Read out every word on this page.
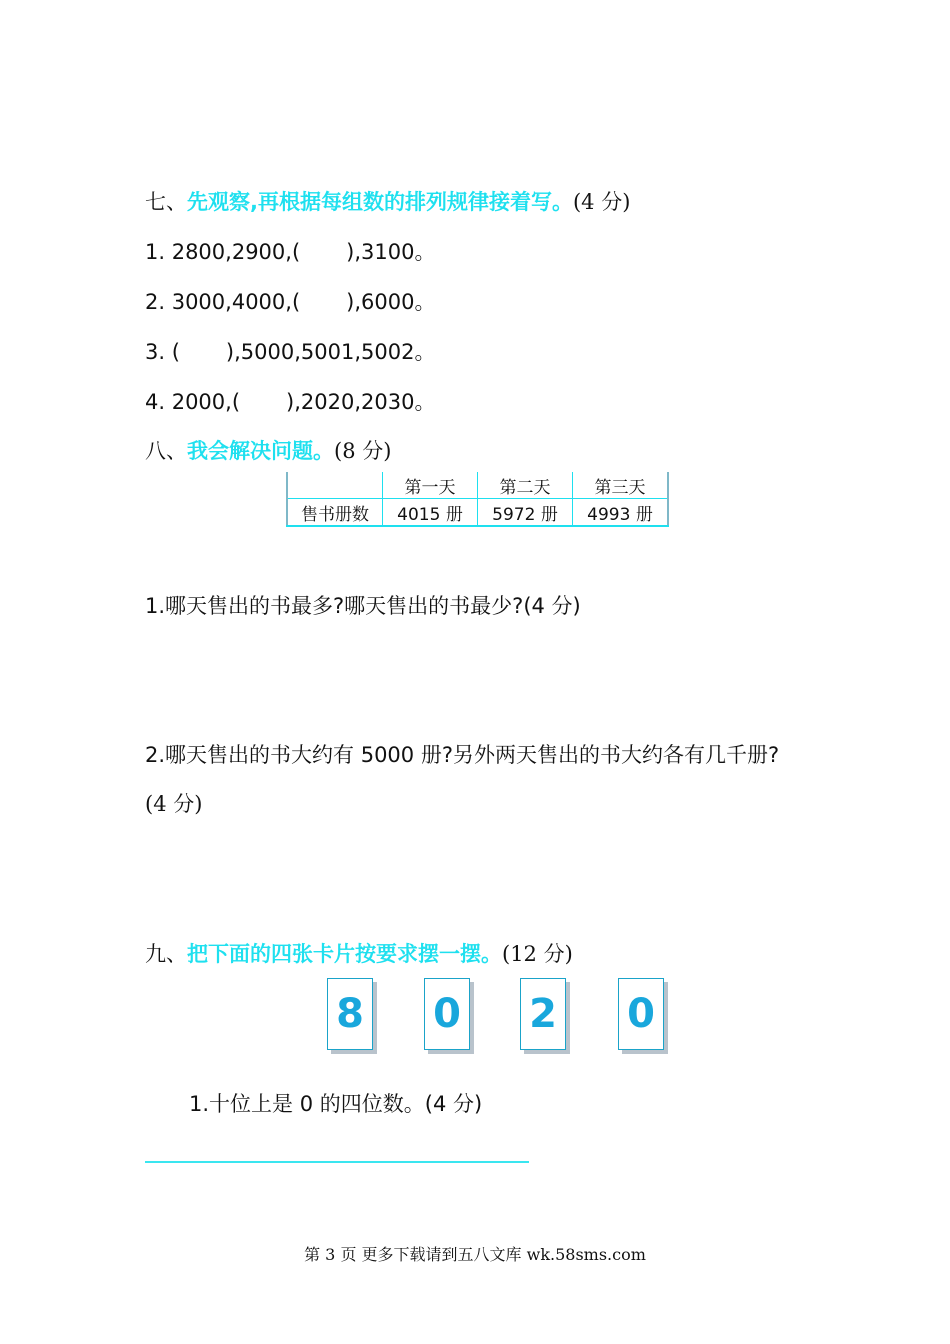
七、先观察,再根据每组数的排列规律接着写。(4 分)
1. 2800,2900,( ),3100。
2. 3000,4000,( ),6000。
3. ( ),5000,5001,5002。
4. 2000,( ),2020,2030。
八、我会解决问题。(8 分)
	第一天	第二天	第三天
售书册数	4015 册	5972 册	4993 册
1.哪天售出的书最多?哪天售出的书最少?(4 分)
2.哪天售出的书大约有 5000 册?另外两天售出的书大约各有几千册?
(4 分)
九、把下面的四张卡片按要求摆一摆。(12 分)
8 0 2 0
1.十位上是 0 的四位数。(4 分)
第 3 页 更多下载请到五八文库 wk.58sms.com
